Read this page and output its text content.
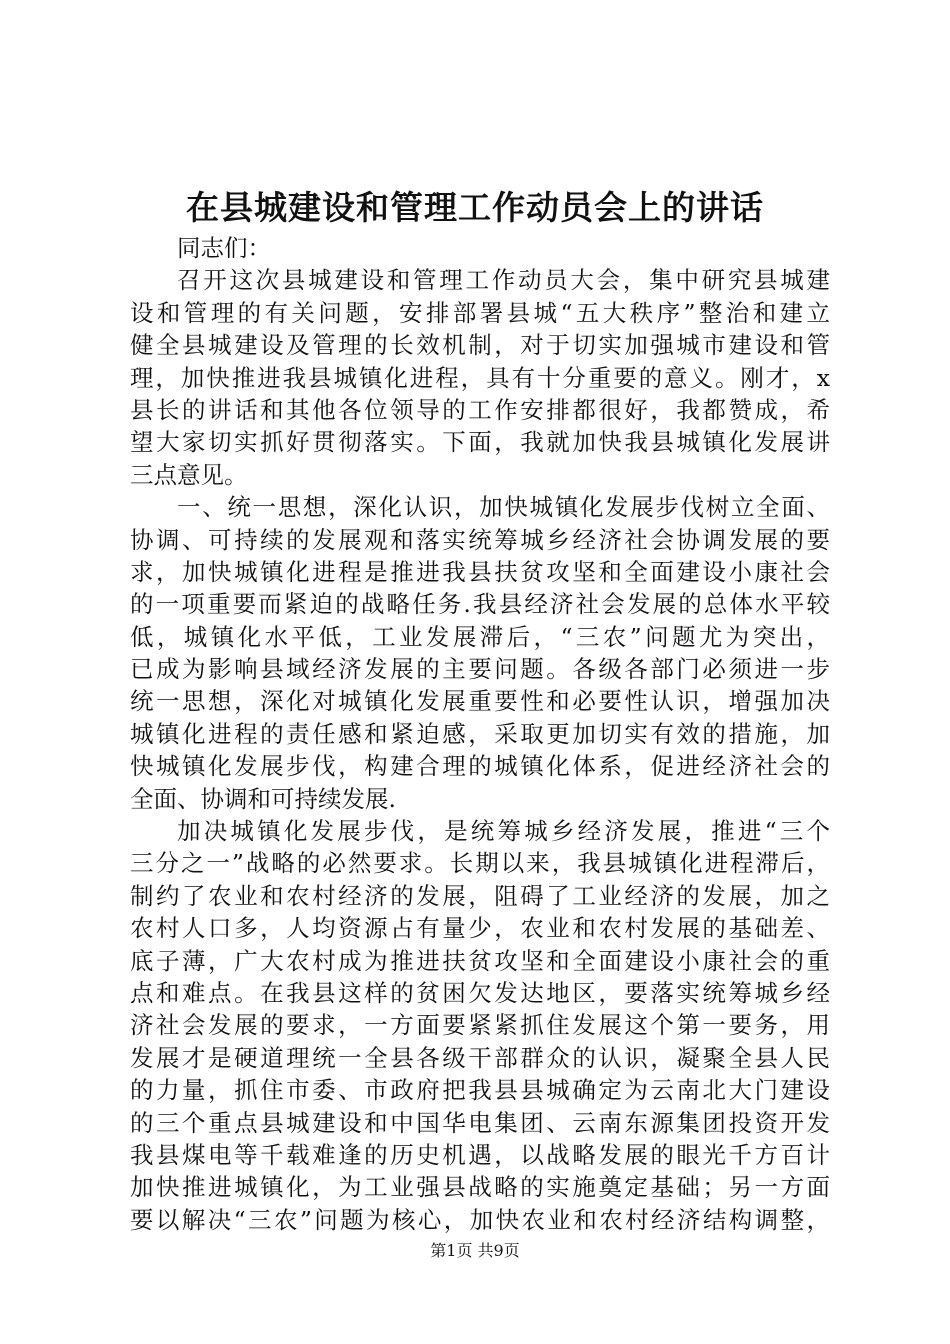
在县城建设和管理工作动员会上的讲话
同志们：
召开这次县城建设和管理工作动员大会，集中研究县城建
设和管理的有关问题，安排部署县城“五大秩序”整治和建立
健全县城建设及管理的长效机制，对于切实加强城市建设和管
理，加快推进我县城镇化进程，具有十分重要的意义。刚才，x
县长的讲话和其他各位领导的工作安排都很好，我都赞成，希
望大家切实抓好贯彻落实。下面，我就加快我县城镇化发展讲
三点意见。
一、统一思想，深化认识，加快城镇化发展步伐树立全面、
协调、可持续的发展观和落实统筹城乡经济社会协调发展的要
求，加快城镇化进程是推进我县扶贫攻坚和全面建设小康社会
的一项重要而紧迫的战略任务.我县经济社会发展的总体水平较
低，城镇化水平低，工业发展滞后，“三农”问题尤为突出，
已成为影响县域经济发展的主要问题。各级各部门必须进一步
统一思想，深化对城镇化发展重要性和必要性认识，增强加决
城镇化进程的责任感和紧迫感，采取更加切实有效的措施，加
快城镇化发展步伐，构建合理的城镇化体系，促进经济社会的
全面、协调和可持续发展.
加决城镇化发展步伐，是统筹城乡经济发展，推进“三个
三分之一”战略的必然要求。长期以来，我县城镇化进程滞后，
制约了农业和农村经济的发展，阻碍了工业经济的发展，加之
农村人口多，人均资源占有量少，农业和农村发展的基础差、
底子薄，广大农村成为推进扶贫攻坚和全面建设小康社会的重
点和难点。在我县这样的贫困欠发达地区，要落实统筹城乡经
济社会发展的要求，一方面要紧紧抓住发展这个第一要务，用
发展才是硬道理统一全县各级干部群众的认识，凝聚全县人民
的力量，抓住市委、市政府把我县县城确定为云南北大门建设
的三个重点县城建设和中国华电集团、云南东源集团投资开发
我县煤电等千载难逢的历史机遇，以战略发展的眼光千方百计
加快推进城镇化，为工业强县战略的实施奠定基础；另一方面
要以解决“三农”问题为核心，加快农业和农村经济结构调整，
第1页 共9页
